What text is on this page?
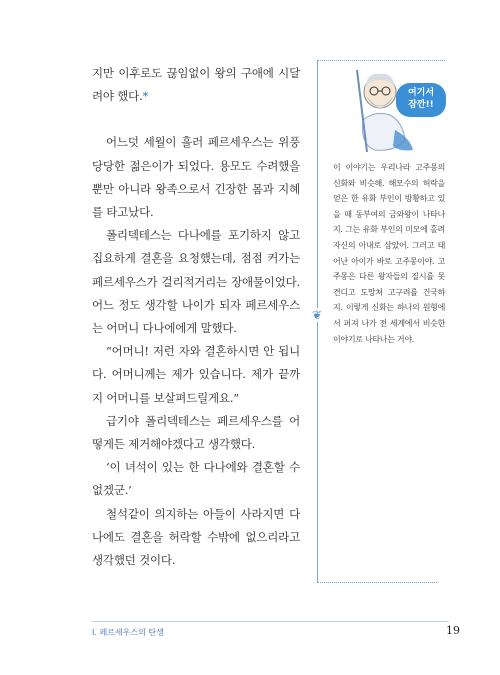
지만 이후로도 끊임없이 왕의 구애에 시달려야 했다.*

어느덧 세월이 흘러 페르세우스는 위풍당당한 젊은이가 되었다. 용모도 수려했을 뿐만 아니라 왕족으로서 긴장한 몸과 지혜를 타고났다.

폴리덱테스는 다나에를 포기하지 않고 집요하게 결혼을 요청했는데, 점점 커가는 페르세우스가 걸리적거리는 장애물이었다. 어느 정도 생각할 나이가 되자 페르세우스는 어머니 다나에에게 말했다.

“어머니! 저런 자와 결혼하시면 안 됩니다. 어머니께는 제가 있습니다. 제가 끝까지 어머니를 보살펴드릴게요.”

급기야 폴리덱테스는 페르세우스를 어떻게든 제거해야겠다고 생각했다.

‘이 녀석이 있는 한 다나에와 결혼할 수 없겠군.’

철석같이 의지하는 아들이 사라지면 다나에도 결혼을 허락할 수밖에 없으리라고 생각했던 것이다.

❦
여기서
잠깐!!

이 이야기는 우리나라 고주몽의 신화와 비슷해. 해모수의 허락을 얻은 한 유화 부인이 방황하고 있을 때 동부여의 금와왕이 나타나지. 그는 유화 부인의 미모에 홀려 자신의 아내로 삼았어. 그러고 태어난 아이가 바로 고주몽이야. 고주몽은 다른 왕자들의 질시를 못 견디고 도망쳐 고구려를 건국하지. 이렇게 신화는 하나의 원형에서 퍼져 나가 전 세계에서 비슷한 이야기로 나타나는 거야.

I. 페르세우스의 탄생	19
